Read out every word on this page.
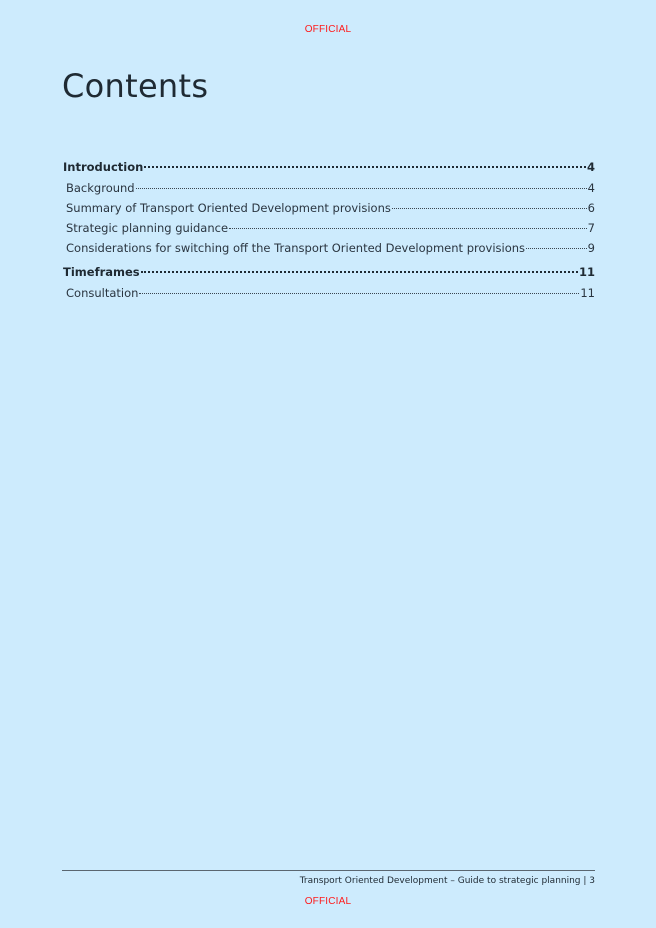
OFFICIAL
Contents
Introduction	4
Background	4
Summary of Transport Oriented Development provisions	6
Strategic planning guidance	7
Considerations for switching off the Transport Oriented Development provisions	9
Timeframes	11
Consultation	11
Transport Oriented Development – Guide to strategic planning | 3
OFFICIAL
